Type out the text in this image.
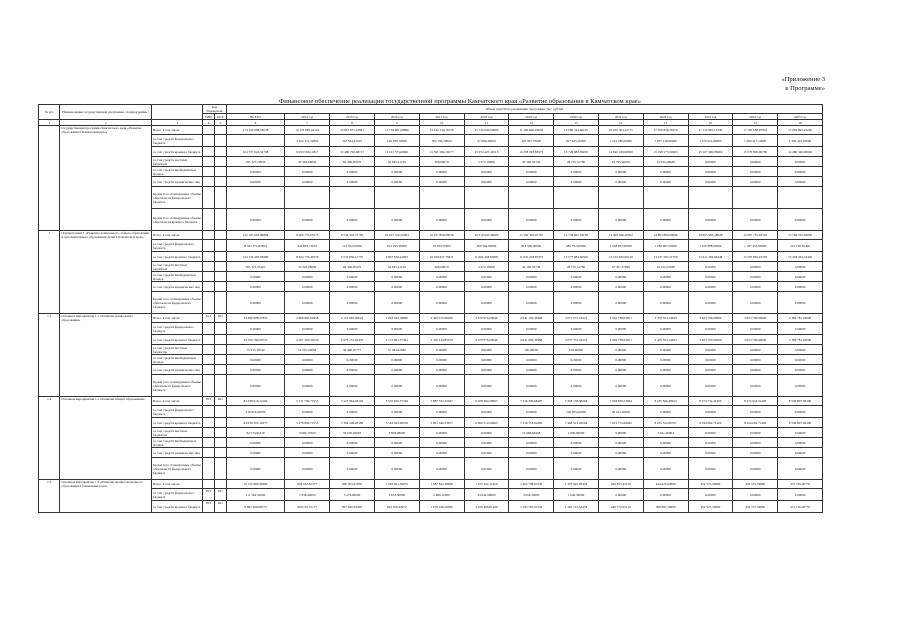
«Приложение 3
к Программе»
Финансовое обеспечение реализации государственной программы Камчатского края «Развитие образования в Камчатском крае»
№ п/п	Наименование государственной программы / подпрограммы /		Код бюджетной		Объем средств на реализацию программы, тыс. рублей												
			ГРБС	ЦСР	ВСЕГО	2014 год	2015 год	2016 год	2017 год	2018 год	2019 год	2020 год	2021 год	2022 год	2023 год	2024 год	2025 год
1	2	3	4	5	6	7	8	9	10	11	12	13	14	15	16	17	18
	Государственная программа Камчатского края «Развитие образования в Камчатском крае»	Всего, в том числе:			174 150 008,78078	10 179 089,42144	10 867 677,22891	11 739 461,08896	13 412 134,76156	15 732 942,00000	11 180 846,03634	16 060 543,90105	16 055 504,12771	17 050 830,39470	17 110 965,13339	17 160 688,07810	15 092 695,23200
		за счет средств федерального бюджета				3 104 172,52864	347 544,42919	126 030,70000	302 794,20000	27 080,40000	405 947,70000	827 625,10000	1 191 260,00000	1 057 140,60000	1 370 621,60000	1 389 417,10000	1 300 422,20000
		за счет средств краевого бюджета			164 737 624,32708	9 050 596,11817	10 480 706,68717	11 101 575,69061	11 391 284,29277	13 674 425,34515	14 238 093,83973	13 728 983,39039	14 840 160,90000	15 498 575,50603	15 567 480,83606	15 570 806,00780	14 480 340,00000
		за счет средств местных бюджетов			595 327,70930	39 394,06650	82 396,87970	44 945,41158	206,00970	2 072,19000	40 104,59746	28 735,51760	94 795,96450	34 932,28648	0,00000	0,00000	0,00000
		за счет средств внебюджетных фондов			0,00000	0,00000	0,00000	0,00000	0,00000	0,00000	0,00000	0,00000	0,00000	0,00000	0,00000	0,00000	0,00000
		за счет средств юридических лиц			0,00000	0,00000	0,00000	0,00000	0,00000	0,00000	0,00000	0,00000	0,00000	0,00000	0,00000	0,00000	0,00000
		Кроме того, планируемые объемы обязательств федерального бюджета															
		Кроме того, планируемые объемы обязательств краевого бюджета			0,00000	0,00000	0,00000	0,00000	0,00000	0,00000	0,00000	0,00000	0,00000	0,00000	0,00000	0,00000	0,00000
1	Подпрограмма 1 «Развитие дошкольного, общего образования и дополнительного образования детей в Камчатском крае»	Всего, в том числе:			152 105 693,90894	8 900 775,05575	9 534 318,75760	10 197 376,32903	10 257 896,06036	12 010 643,30000	13 169 305,07797	14 739 902,19139	14 309 586,40302	14 803 880,98648	14 605 983,28648	14 907 755,05593	13 784 232,20000
		за счет средств федерального бюджета			8 325 372,87804	241 603,13010	121 352,20000	253 295,30000	18 184,70000	380 594,90000	818 596,90000	981 752,00000	1 058 937,90000	1 286 665,50000	1 250 888,90000	1 197 455,90000	291 106,56400
		за счет средств краевого бюджета			143 134 495,03680	8 624 779,49536	9 531 630,12707	9 897 536,22903	10 199 827,76671	11 694 494,03895	11 931 294,97937	13 577 984,66506	13 102 182,00319	13 237 267,41700	13 611 382,94648	13 597 802,01593	13 493 264,74400
		за счет средств местных бюджетов			595 372,35467	35 324,06650	82 396,87970	44 945,41158	206,00970	2 072,19000	40 104,59746	28 735,51760	37 357,37999	34 132,22648	0,00000	0,00000	0,00000
		за счет средств внебюджетных фондов			0,00000	0,00000	0,00000	0,00000	0,00000	0,00000	0,00000	0,00000	0,00000	0,00000	0,00000	0,00000	0,00000
		за счет средств юридических лиц			0,00000	0,00000	0,00000	0,00000	0,00000	0,00000	0,00000	0,00000	0,00000	0,00000	0,00000	0,00000	0,00000
		Кроме того, планируемые объемы обязательств федерального бюджета			0,00000	0,00000	0,00000	0,00000	0,00000	0,00000	0,00000	0,00000	0,00000	0,00000	0,00000	0,00000	0,00000
1.1	Основное мероприятие 1.1 «Развитие дошкольного образования»	Всего, в том числе:	813	021	34 666 688,27853	2 866 902,64938	2 172 603,20622	2 262 042,38690	2 309 015,60000	2 579 976,09946	2 941 192,30488	3 071 372,19472	3 362 738,05871	3 479 353,54645	3 623 700,00000	3 623 700,00000	2 386 781,20000
		за счет средств федерального бюджета			0,00000	0,00000	0,00000	0,00000	0,00000	0,00000	0,00000	0,00000	0,00000	0,00000	0,00000	0,00000	0,00000
		за счет средств краевого бюджета			34 590 780,66753	2 067 393,36533	2 979 172,63476	2 175 891,37561	2 350 134,85978	2 579 976,09946	2 841 092,30488	3 037 372,19472	3 362 738,05871	3 479 353,54645	3 623 700,00000	3 623 700,00000	2 386 781,20000
		за счет средств местных бюджетов			75 935,38740	14 267,29084	36 480,07777	37 394,02686	0,00000	0,00000	100,00000	100,00000	0,00000	0,00000	0,00000	0,00000	0,00000
		за счет средств внебюджетных фондов			0,00000	0,00000	0,00000	0,00000	0,00000	0,00000	0,00000	0,00000	0,00000	0,00000	0,00000	0,00000	0,00000
		за счет средств юридических лиц			0,00000	0,00000	0,00000	0,00000	0,00000	0,00000	0,00000	0,00000	0,00000	0,00000	0,00000	0,00000	0,00000
		Кроме того, планируемые объемы обязательств федерального бюджета			0,00000	0,00000	0,00000	0,00000	0,00000	0,00000	0,00000	0,00000	0,00000	0,00000	0,00000	0,00000	0,00000
1.2	Основное мероприятие 1.2 «Развитие общего образования»	Всего, в том числе:	813	021	84 338 916,32164	5 131 706,72553	5 427 964,03292	5 507 020,37549	5 887 742,32567	6 308 382,28963	7 136 396,68487	7 268 138,38064	7 829 839,53064	8 235 566,48925	8 274 732,21400	8 274 952,21400	8 536 897,96100
		за счет средств федерального бюджета			216 816,00000	0,00000	0,00000	0,00000	0,00000	0,00000	0,00000	100 005,00000	58 424,50000	0,00000	0,00000	0,00000	0,00000
		за счет средств краевого бюджета			84 039 703,16375	5 178 806,72553	5 384 198,20589	5 543 365,69558	5 821 340,23957	6 060 512,26965	7 136 718,81680	7 468 313,26694	7 815 772,66962	8 235 552,00767	8 194 062,71400	8 194 062,71400	8 536 897,96100
		за счет средств местных бюджетов			82 533,95419	3 082,72500	33 109,02993	3 803,28000	0,00000	0,00000	10 968,64958	1 000,00000	0,00000	3 021,20004	0,00000	0,00000	0,00000
		за счет средств внебюджетных фондов			0,00000	0,00000	0,00000	0,00000	0,00000	0,00000	0,00000	0,00000	0,00000	0,00000	0,00000	0,00000	0,00000
		за счет средств юридических лиц			0,00000	0,00000	0,00000	0,00000	0,00000	0,00000	0,00000	0,00000	0,00000	0,00000	0,00000	0,00000	0,00000
		Кроме того, планируемые объемы обязательств федерального бюджета			0,00000	0,00000	0,00000	0,00000	0,00000	0,00000	0,00000	0,00000	0,00000	0,00000	0,00000	0,00000	0,00000
1.3	Основное мероприятие 1.3 «Развитие профессионального образования и повышения роли»	Всего, в том числе:			10 125 660,98380	804 052,61377	908 305,97650	1 063 841,39072	1 087 843,28608	1 255 162,11409	1 304 798,07230	1 307 945,85454	446 855,45216	444 025,64800	454 575,34800	454 575,34800	472 726,00776
		за счет средств федерального бюджета	813	021	111 584,50000	7 636,40000	5 274,00000	3 851,30000	5 086,10000	34 642,80000	3 094,30000	1 048,50000	0,00000	0,00000	0,00000	0,00000	0,00000
		за счет средств краевого бюджета	813	021	9 897 996,08573	800 110,37177	897 620,59458	994 050,42072	1 079 196,20000	1 169 468,81409	1 293 581,67230	1 302 191,52454	446 772,05212	368 897,34800	454 525,34800	454 575,34800	472 726,00776
